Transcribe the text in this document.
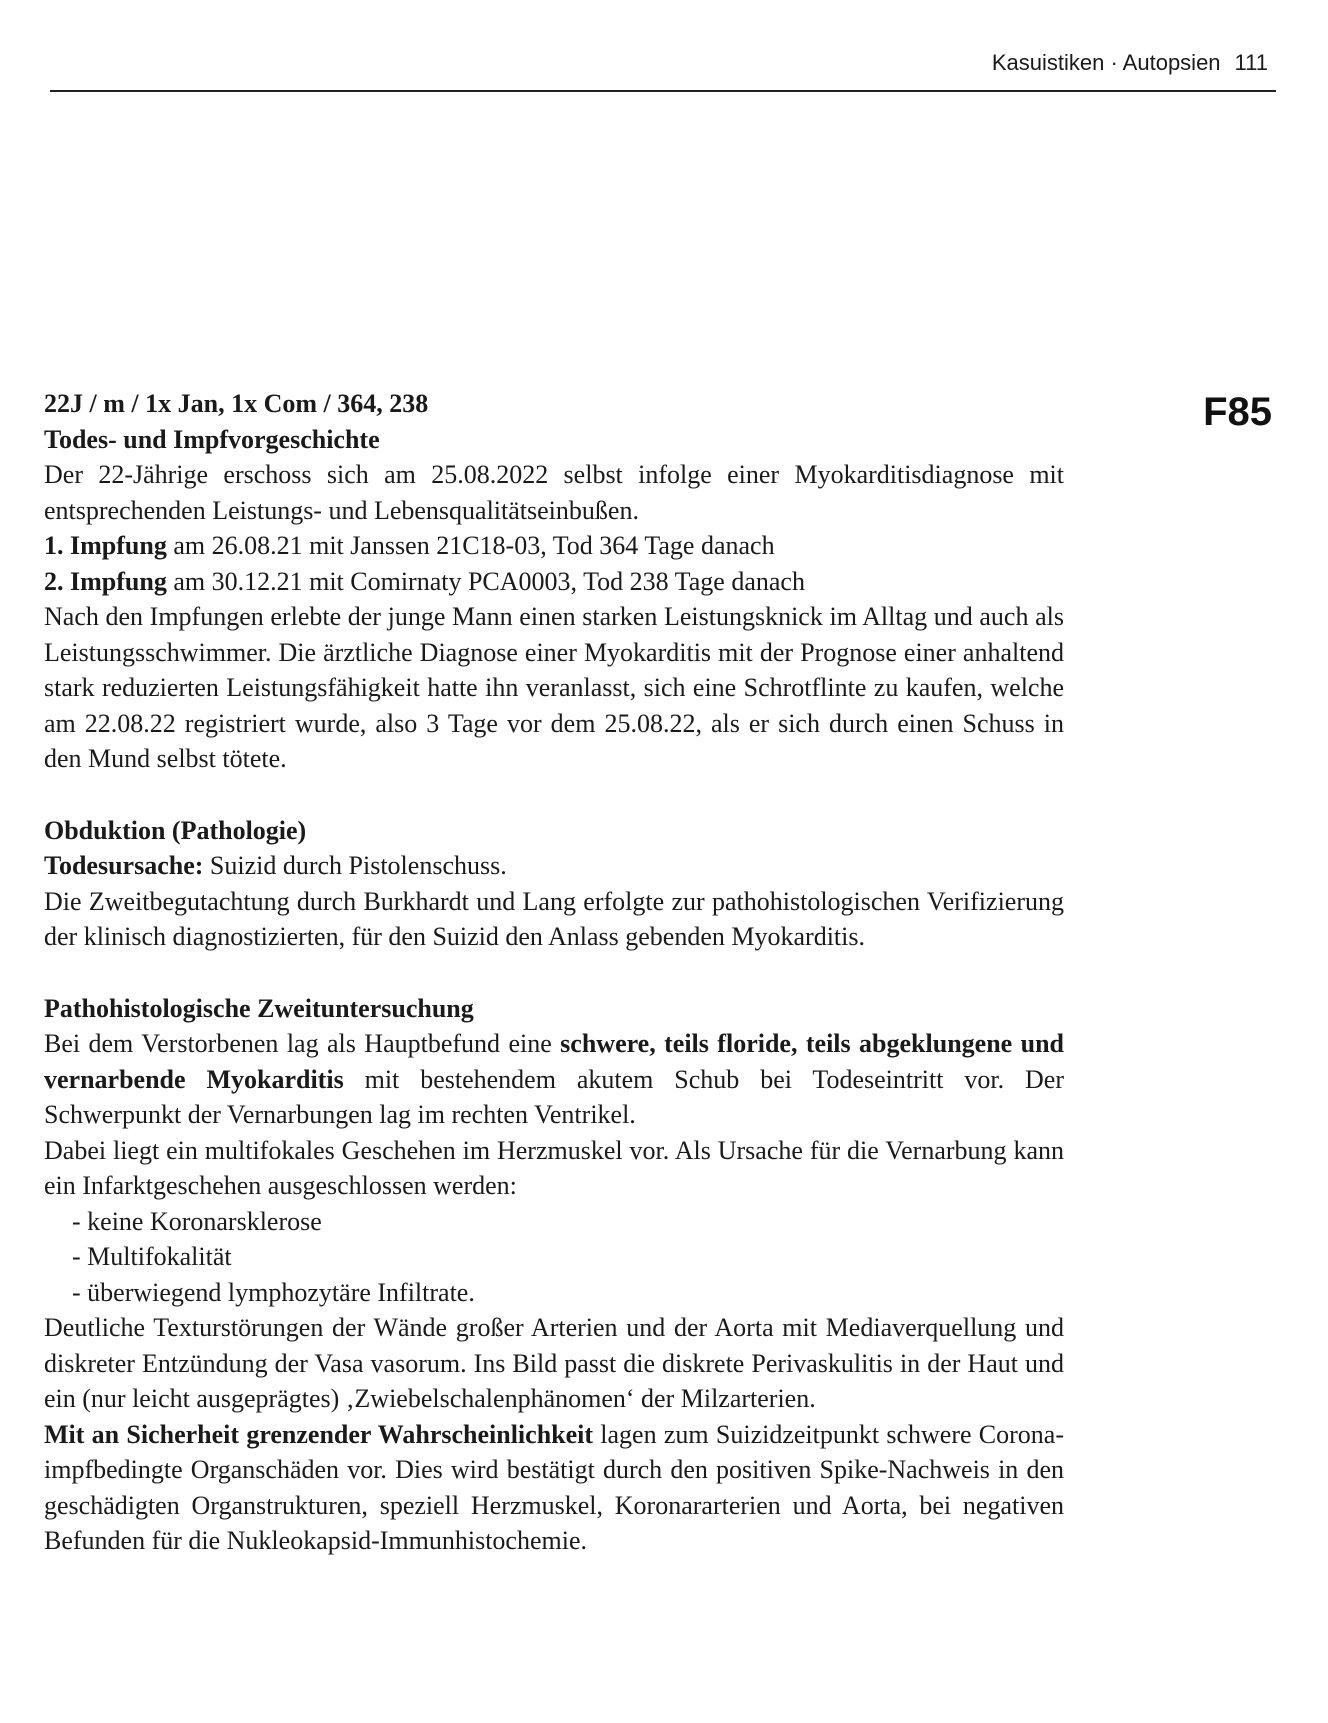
Kasuistiken · Autopsien 111
F85

22J / m / 1x Jan, 1x Com / 364, 238

Todes- und Impfvorgeschichte

Der 22-Jährige erschoss sich am 25.08.2022 selbst infolge einer Myokarditisdiagnose mit entsprechenden Leistungs- und Lebensqualitätseinbußen.

1. Impfung am 26.08.21 mit Janssen 21C18-03, Tod 364 Tage danach

2. Impfung am 30.12.21 mit Comirnaty PCA0003, Tod 238 Tage danach

Nach den Impfungen erlebte der junge Mann einen starken Leistungsknick im Alltag und auch als Leistungsschwimmer. Die ärztliche Diagnose einer Myokarditis mit der Prognose einer anhaltend stark reduzierten Leistungsfähigkeit hatte ihn veranlasst, sich eine Schrotflinte zu kaufen, welche am 22.08.22 registriert wurde, also 3 Tage vor dem 25.08.22, als er sich durch einen Schuss in den Mund selbst tötete.

Obduktion (Pathologie)

Todesursache: Suizid durch Pistolenschuss.

Die Zweitbegutachtung durch Burkhardt und Lang erfolgte zur pathohistologischen Verifizierung der klinisch diagnostizierten, für den Suizid den Anlass gebenden Myokarditis.

Pathohistologische Zweituntersuchung

Bei dem Verstorbenen lag als Hauptbefund eine schwere, teils floride, teils abgeklungene und vernarbende Myokarditis mit bestehendem akutem Schub bei Todeseintritt vor. Der Schwerpunkt der Vernarbungen lag im rechten Ventrikel.

Dabei liegt ein multifokales Geschehen im Herzmuskel vor. Als Ursache für die Vernarbung kann ein Infarktgeschehen ausgeschlossen werden:

- keine Koronarsklerose
- Multifokalität
- überwiegend lymphozytäre Infiltrate.

Deutliche Texturstörungen der Wände großer Arterien und der Aorta mit Mediaverquellung und diskreter Entzündung der Vasa vasorum. Ins Bild passt die diskrete Perivaskulitis in der Haut und ein (nur leicht ausgeprägtes) ‚Zwiebelschalenphänomen‘ der Milzarterien.

Mit an Sicherheit grenzender Wahrscheinlichkeit lagen zum Suizidzeitpunkt schwere Corona-impfbedingte Organschäden vor. Dies wird bestätigt durch den positiven Spike-Nachweis in den geschädigten Organstrukturen, speziell Herzmuskel, Koronararterien und Aorta, bei negativen Befunden für die Nukleokapsid-Immunhistochemie.
